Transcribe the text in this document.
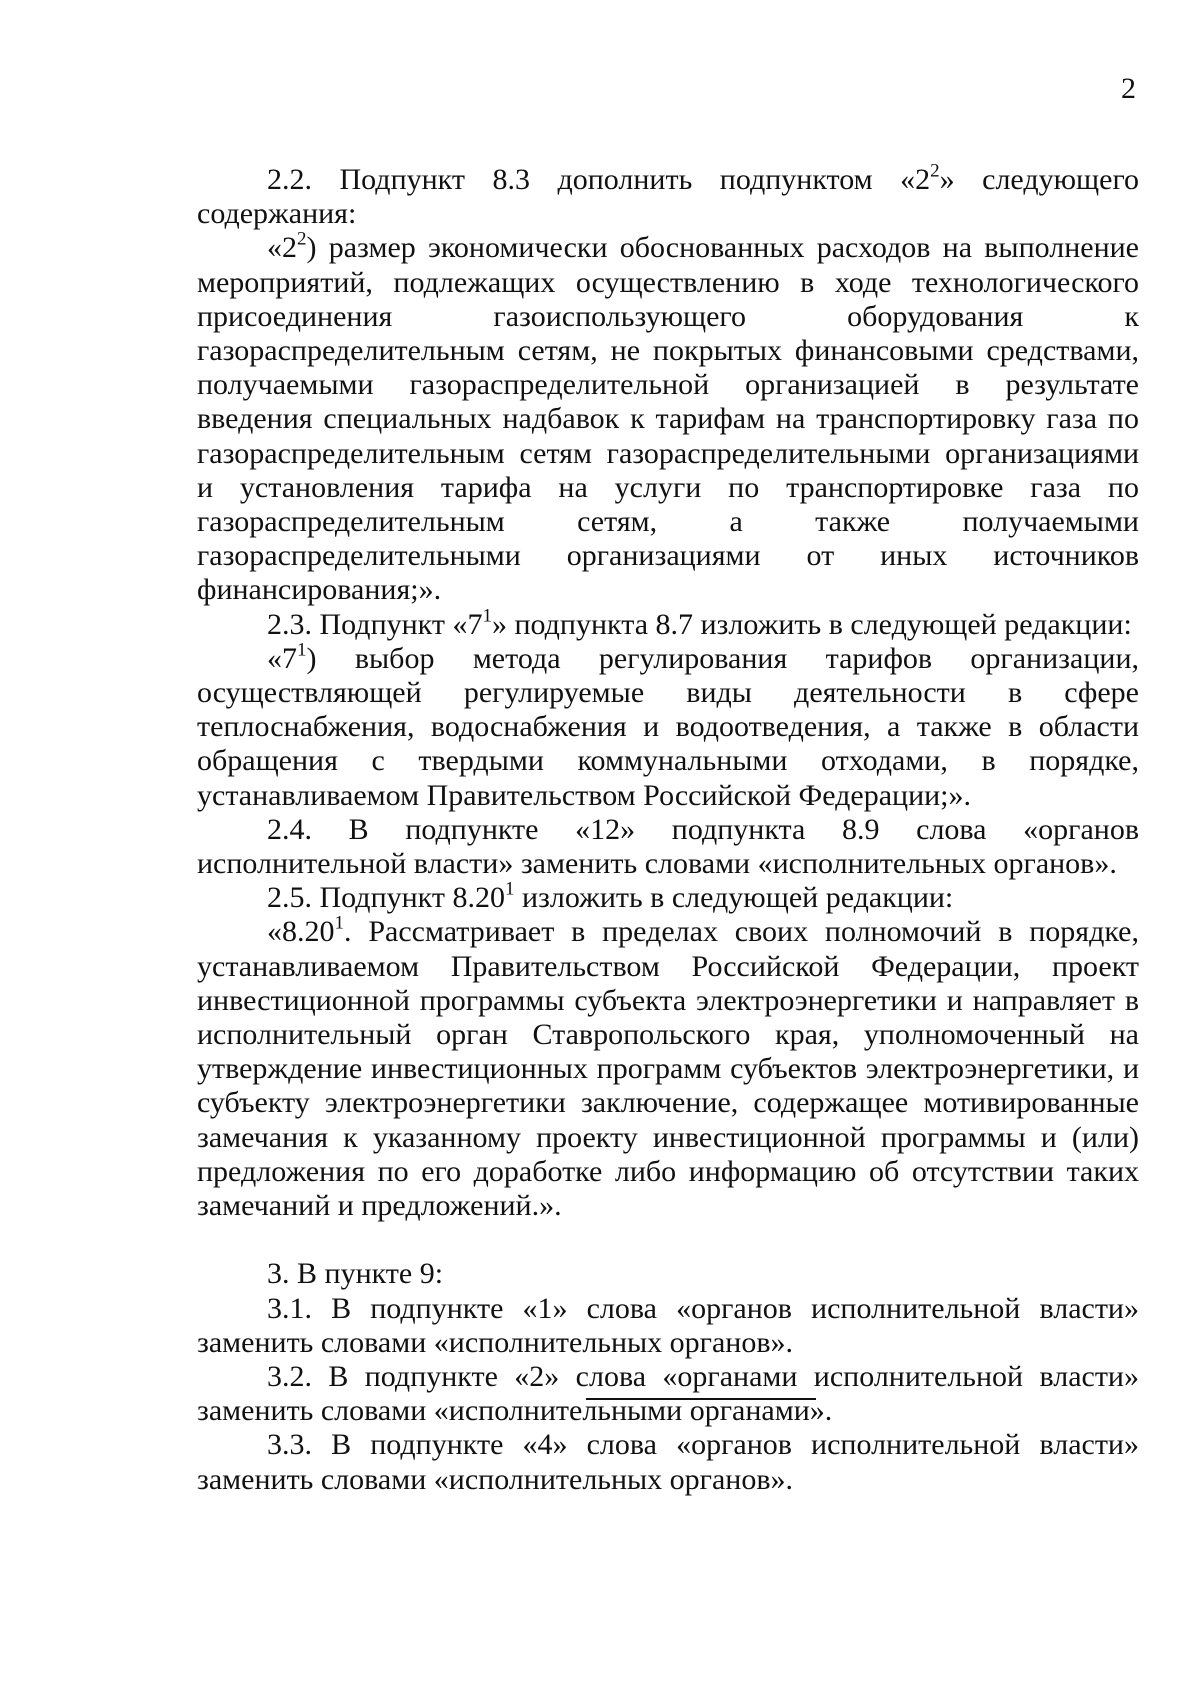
2

2.2. Подпункт 8.3 дополнить подпунктом «$2^2$» следующего содержания:

«$2^2$) размер экономически обоснованных расходов на выполнение мероприятий, подлежащих осуществлению в ходе технологического присоединения газоиспользующего оборудования к газораспределительным сетям, не покрытых финансовыми средствами, получаемыми газораспределительной организацией в результате введения специальных надбавок к тарифам на транспортировку газа по газораспределительным сетям газораспределительными организациями и установления тарифа на услуги по транспортировке газа по газораспределительным сетям, а также получаемыми газораспределительными организациями от иных источников финансирования;».

2.3. Подпункт «$7^1$» подпункта 8.7 изложить в следующей редакции:

«$7^1$) выбор метода регулирования тарифов организации, осуществляющей регулируемые виды деятельности в сфере теплоснабжения, водоснабжения и водоотведения, а также в области обращения с твердыми коммунальными отходами, в порядке, устанавливаемом Правительством Российской Федерации;».

2.4. В подпункте «12» подпункта 8.9 слова «органов исполнительной власти» заменить словами «исполнительных органов».

2.5. Подпункт 8.20$^1$ изложить в следующей редакции:

«8.20$^1$. Рассматривает в пределах своих полномочий в порядке, устанавливаемом Правительством Российской Федерации, проект инвестиционной программы субъекта электроэнергетики и направляет в исполнительный орган Ставропольского края, уполномоченный на утверждение инвестиционных программ субъектов электроэнергетики, и субъекту электроэнергетики заключение, содержащее мотивированные замечания к указанному проекту инвестиционной программы и (или) предложения по его доработке либо информацию об отсутствии таких замечаний и предложений.».

3. В пункте 9:

3.1. В подпункте «1» слова «органов исполнительной власти» заменить словами «исполнительных органов».

3.2. В подпункте «2» слова «органами исполнительной власти» заменить словами «исполнительными органами».

3.3. В подпункте «4» слова «органов исполнительной власти» заменить словами «исполнительных органов».
